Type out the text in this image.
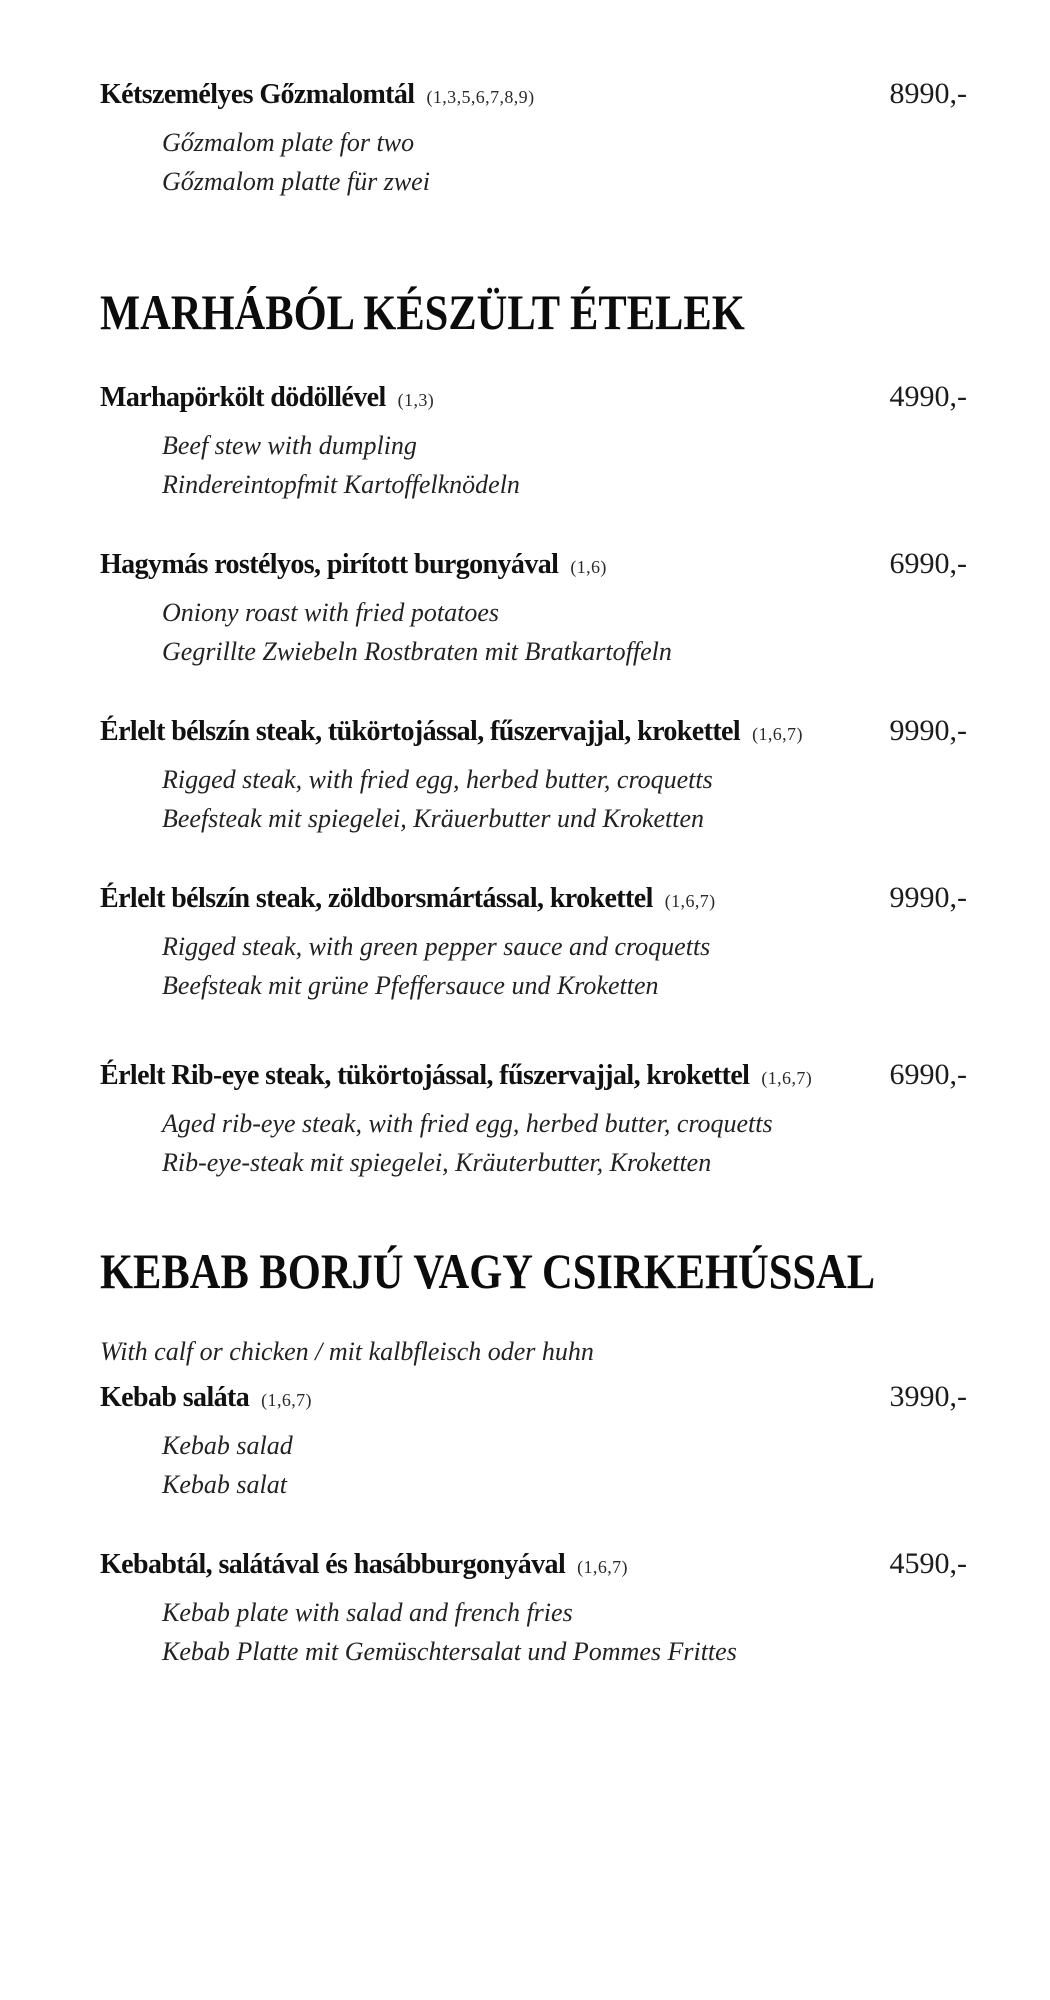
Kétszemélyes Gőzmalomtál (1,3,5,6,7,8,9)	8990,-
Gőzmalom plate for two
Gőzmalom platte für zwei
MARHÁBÓL KÉSZÜLT ÉTELEK
Marhapörkölt dödöllével (1,3)	4990,-
Beef stew with dumpling
Rindereintopfmit Kartoffelknödeln
Hagymás rostélyos, pirított burgonyával (1,6)	6990,-
Oniony roast with fried potatoes
Gegrillte Zwiebeln Rostbraten mit Bratkartoffeln
Érlelt bélszín steak, tükörtojással, fűszervajjal, krokettel (1,6,7)	9990,-
Rigged steak, with fried egg, herbed butter, croquetts
Beefsteak mit spiegelei, Kräuerbutter und Kroketten
Érlelt bélszín steak, zöldborsmártással, krokettel (1,6,7)	9990,-
Rigged steak, with green pepper sauce and croquetts
Beefsteak mit grüne Pfeffersauce und Kroketten
Érlelt Rib-eye steak, tükörtojással, fűszervajjal, krokettel (1,6,7)	6990,-
Aged rib-eye steak, with fried egg, herbed butter, croquetts
Rib-eye-steak mit spiegelei, Kräuterbutter, Kroketten
KEBAB BORJÚ VAGY CSIRKEHÚSSAL
With calf or chicken / mit kalbfleisch oder huhn
Kebab saláta (1,6,7)	3990,-
Kebab salad
Kebab salat
Kebabtál, salátával és hasábburgonyával (1,6,7)	4590,-
Kebab plate with salad and french fries
Kebab Platte mit Gemüschtersalat und Pommes Frittes
